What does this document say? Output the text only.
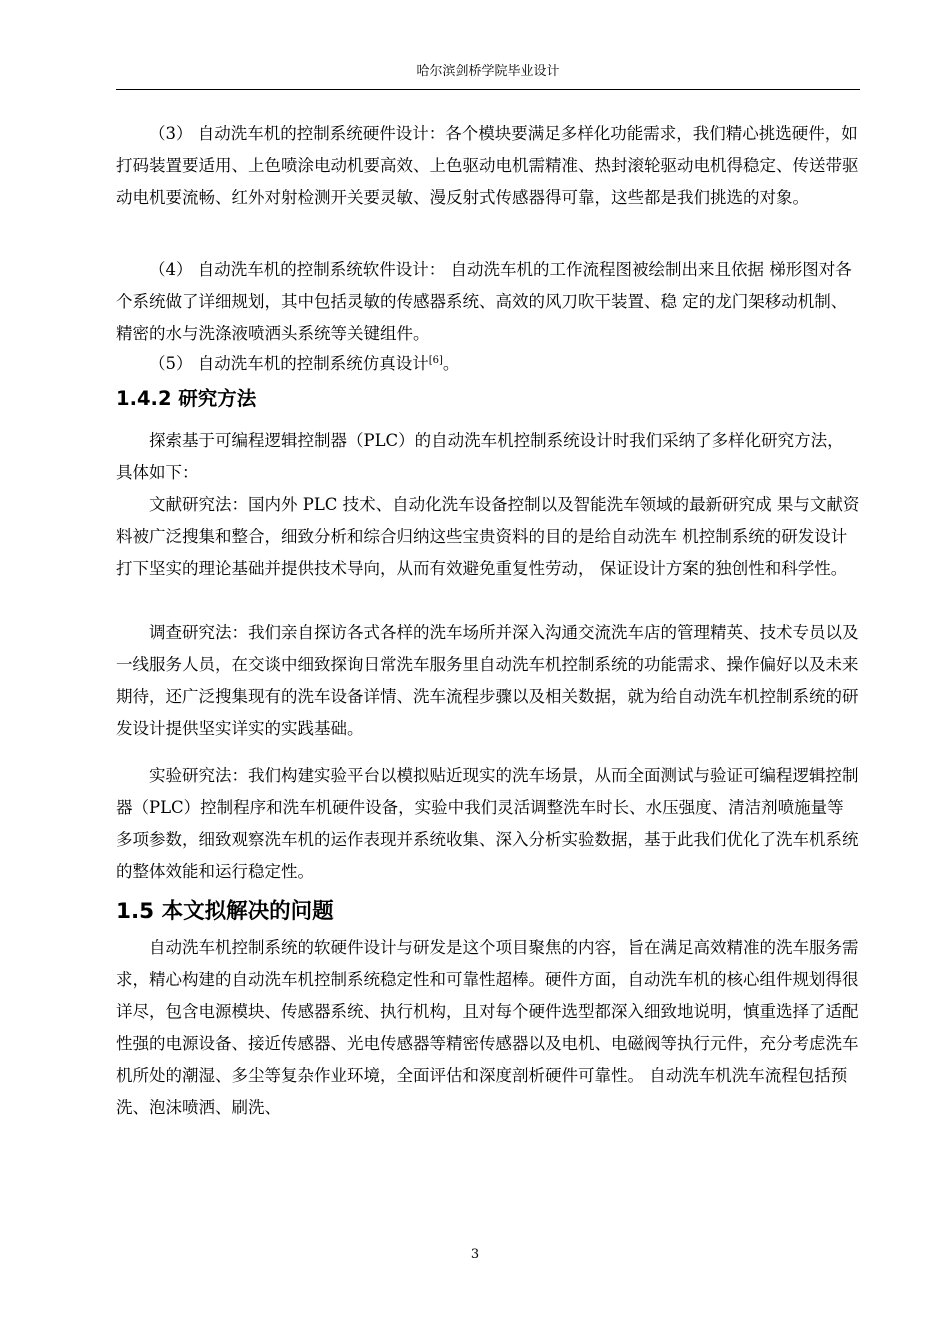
哈尔滨剑桥学院毕业设计

（3） 自动洗车机的控制系统硬件设计：各个模块要满足多样化功能需求，我们精心挑选硬件，如打码装置要适用、上色喷涂电动机要高效、上色驱动电机需精准、热封滚轮驱动电机得稳定、传送带驱动电机要流畅、红外对射检测开关要灵敏、漫反射式传感器得可靠，这些都是我们挑选的对象。

（4） 自动洗车机的控制系统软件设计： 自动洗车机的工作流程图被绘制出来且依据 梯形图对各个系统做了详细规划，其中包括灵敏的传感器系统、高效的风刀吹干装置、稳 定的龙门架移动机制、精密的水与洗涤液喷洒头系统等关键组件。

（5） 自动洗车机的控制系统仿真设计[6]。

1.4.2 研究方法

探索基于可编程逻辑控制器（PLC）的自动洗车机控制系统设计时我们采纳了多样化研究方法，具体如下：

文献研究法：国内外 PLC 技术、自动化洗车设备控制以及智能洗车领域的最新研究成 果与文献资料被广泛搜集和整合，细致分析和综合归纳这些宝贵资料的目的是给自动洗车 机控制系统的研发设计打下坚实的理论基础并提供技术导向，从而有效避免重复性劳动， 保证设计方案的独创性和科学性。

调查研究法：我们亲自探访各式各样的洗车场所并深入沟通交流洗车店的管理精英、技术专员以及一线服务人员，在交谈中细致探询日常洗车服务里自动洗车机控制系统的功能需求、操作偏好以及未来期待，还广泛搜集现有的洗车设备详情、洗车流程步骤以及相关数据，就为给自动洗车机控制系统的研发设计提供坚实详实的实践基础。

实验研究法：我们构建实验平台以模拟贴近现实的洗车场景，从而全面测试与验证可编程逻辑控制器（PLC）控制程序和洗车机硬件设备，实验中我们灵活调整洗车时长、水压强度、清洁剂喷施量等多项参数，细致观察洗车机的运作表现并系统收集、深入分析实验数据，基于此我们优化了洗车机系统的整体效能和运行稳定性。

1.5 本文拟解决的问题

自动洗车机控制系统的软硬件设计与研发是这个项目聚焦的内容，旨在满足高效精准的洗车服务需求，精心构建的自动洗车机控制系统稳定性和可靠性超棒。硬件方面，自动洗车机的核心组件规划得很详尽，包含电源模块、传感器系统、执行机构，且对每个硬件选型都深入细致地说明，慎重选择了适配性强的电源设备、接近传感器、光电传感器等精密传感器以及电机、电磁阀等执行元件，充分考虑洗车机所处的潮湿、多尘等复杂作业环境，全面评估和深度剖析硬件可靠性。 自动洗车机洗车流程包括预洗、泡沫喷洒、刷洗、

3
